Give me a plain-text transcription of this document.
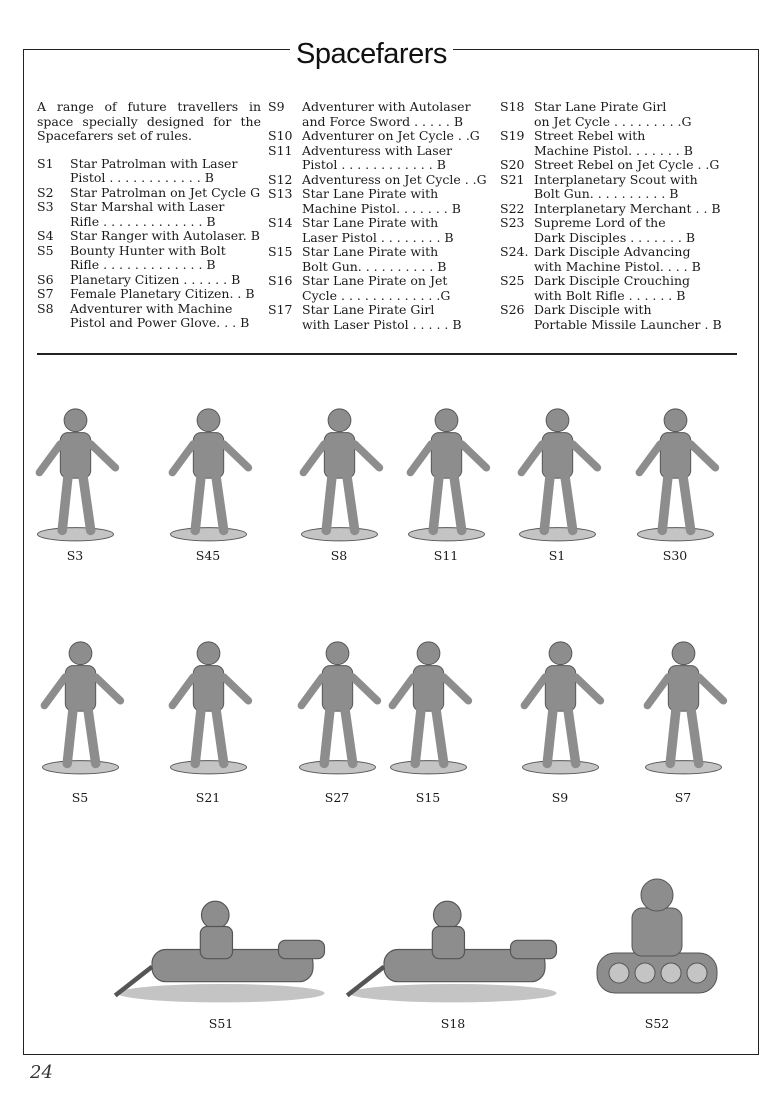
Spacefarers
A range of future travellers in space specially designed for the Spacefarers set of rules.
S1	Star Patrolman with Laser
Pistol . . . . . . . . . . . . B
S2	Star Patrolman on Jet Cycle G
S3	Star Marshal with Laser
Rifle . . . . . . . . . . . . . B
S4	Star Ranger with Autolaser. B
S5	Bounty Hunter with Bolt
Rifle . . . . . . . . . . . . . B
S6	Planetary Citizen . . . . . . B
S7	Female Planetary Citizen. . B
S8	Adventurer with Machine
Pistol and Power Glove. . . B
S9	Adventurer with Autolaser
and Force Sword . . . . . B
S10 Adventurer on Jet Cycle . .G
S11 Adventuress with Laser
Pistol . . . . . . . . . . . . B
S12 Adventuress on Jet Cycle . .G
S13 Star Lane Pirate with
Machine Pistol. . . . . . . B
S14 Star Lane Pirate with
Laser Pistol . . . . . . . . B
S15 Star Lane Pirate with
Bolt Gun. . . . . . . . . . B
S16 Star Lane Pirate on Jet
Cycle . . . . . . . . . . . . .G
S17 Star Lane Pirate Girl
with Laser Pistol . . . . . B
S18 Star Lane Pirate Girl
on Jet Cycle . . . . . . . . .G
S19 Street Rebel with
Machine Pistol. . . . . . . B
S20 Street Rebel on Jet Cycle . .G
S21 Interplanetary Scout with
Bolt Gun. . . . . . . . . . B
S22 Interplanetary Merchant . . B
S23 Supreme Lord of the
Dark Disciples . . . . . . . B
S24. Dark Disciple Advancing
with Machine Pistol. . . . B
S25 Dark Disciple Crouching
with Bolt Rifle . . . . . . B
S26 Dark Disciple with
Portable Missile Launcher . B
S3	S45	S8	S11	S1	S30
S5	S21	S27	S15	S9	S7
S51	S18	S52
24
